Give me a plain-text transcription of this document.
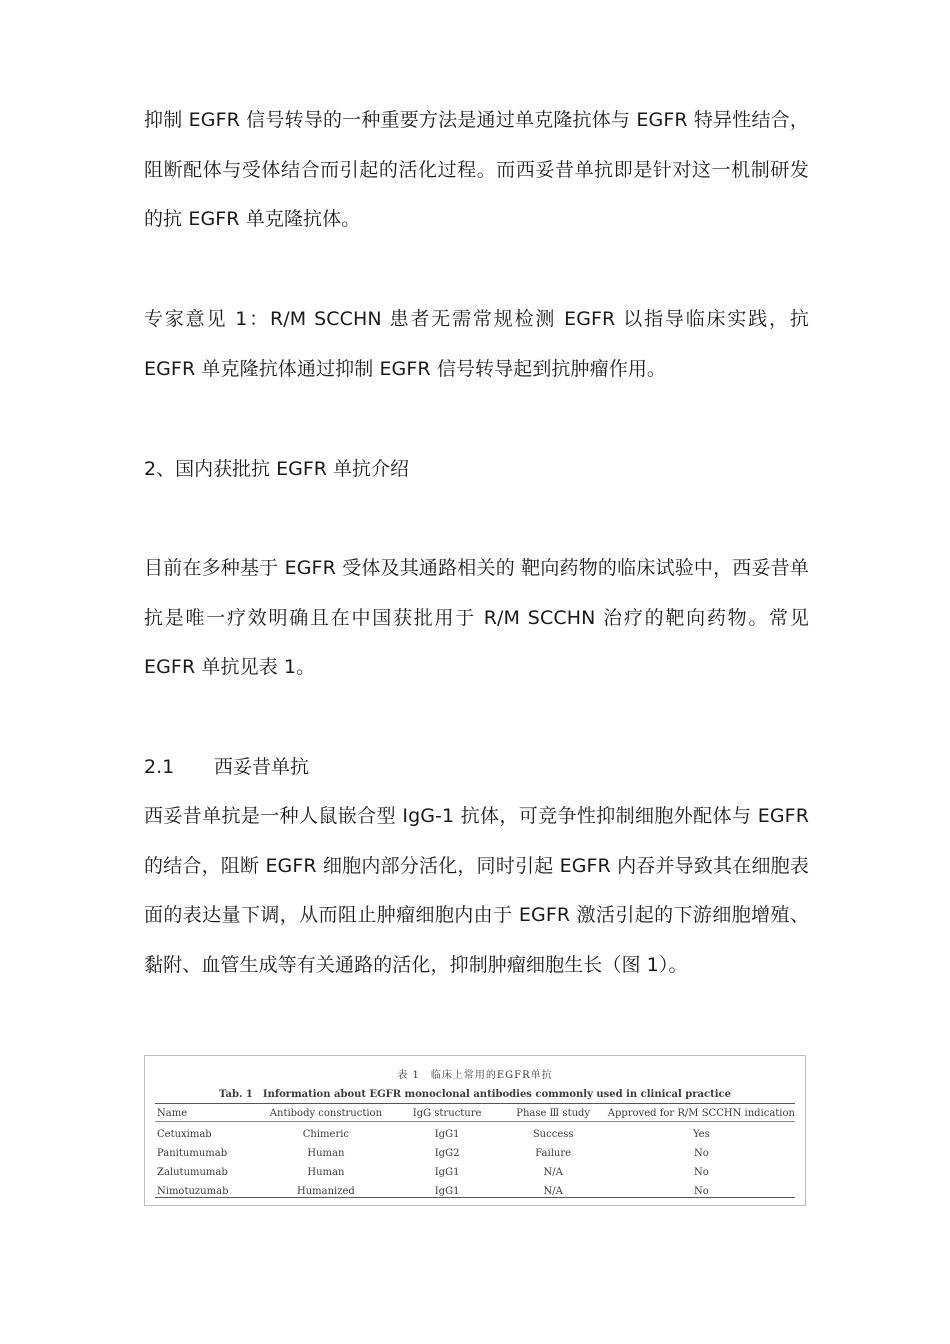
抑制 EGFR 信号转导的一种重要方法是通过单克隆抗体与 EGFR 特异性结合，阻断配体与受体结合而引起的活化过程。而西妥昔单抗即是针对这一机制研发的抗 EGFR 单克隆抗体。

专家意见 1：R/M SCCHN 患者无需常规检测 EGFR 以指导临床实践，抗 EGFR 单克隆抗体通过抑制 EGFR 信号转导起到抗肿瘤作用。

2、国内获批抗 EGFR 单抗介绍

目前在多种基于 EGFR 受体及其通路相关的 靶向药物的临床试验中，西妥昔单抗是唯一疗效明确且在中国获批用于 R/M SCCHN 治疗的靶向药物。常见 EGFR 单抗见表 1。

2.1 西妥昔单抗

西妥昔单抗是一种人鼠嵌合型 IgG-1 抗体，可竞争性抑制细胞外配体与 EGFR 的结合，阻断 EGFR 细胞内部分活化，同时引起 EGFR 内吞并导致其在细胞表面的表达量下调，从而阻止肿瘤细胞内由于 EGFR 激活引起的下游细胞增殖、黏附、血管生成等有关通路的活化，抑制肿瘤细胞生长（图 1）。

表 1　临床上常用的EGFR单抗
Tab. 1　Information about EGFR monoclonal antibodies commonly used in clinical practice
Name	Antibody construction	IgG structure	Phase Ⅲ study	Approved for R/M SCCHN indication
Cetuximab	Chimeric	IgG1	Success	Yes
Panitumumab	Human	IgG2	Failure	No
Zalutumumab	Human	IgG1	N/A	No
Nimotuzumab	Humanized	IgG1	N/A	No
